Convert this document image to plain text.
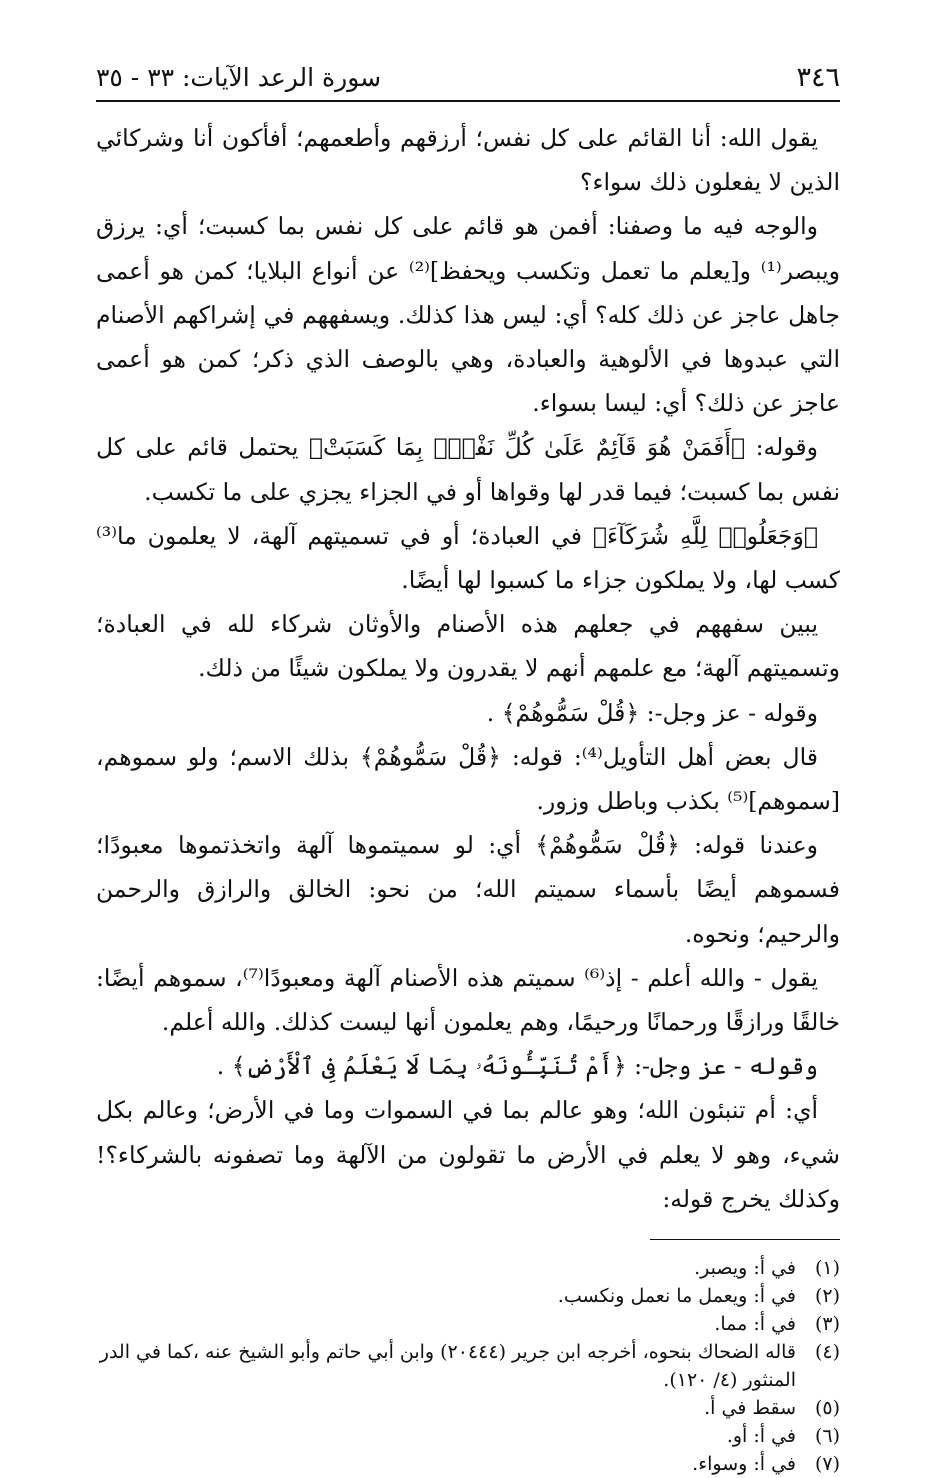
٣٤٦
سورة الرعد الآيات: ٣٣ - ٣٥

يقول الله: أنا القائم على كل نفس؛ أرزقهم وأطعمهم؛ أفأكون أنا وشركائي الذين لا يفعلون ذلك سواء؟

والوجه فيه ما وصفنا: أفمن هو قائم على كل نفس بما كسبت؛ أي: يرزق ويبصر⁽¹⁾ و[يعلم ما تعمل وتكسب ويحفظ]⁽²⁾ عن أنواع البلايا؛ كمن هو أعمى جاهل عاجز عن ذلك كله؟ أي: ليس هذا كذلك. ويسفههم في إشراكهم الأصنام التي عبدوها في الألوهية والعبادة، وهي بالوصف الذي ذكر؛ كمن هو أعمى عاجز عن ذلك؟ أي: ليسا بسواء.

وقوله: ﴿أَفَمَنْ هُوَ قَآئِمٌ عَلَىٰ كُلِّ نَفْسٍۢ بِمَا كَسَبَتْ﴾ يحتمل قائم على كل نفس بما كسبت؛ فيما قدر لها وقواها أو في الجزاء يجزي على ما تكسب.

﴿وَجَعَلُوا۟ لِلَّهِ شُرَكَآءَ﴾ في العبادة؛ أو في تسميتهم آلهة، لا يعلمون ما⁽³⁾ كسب لها، ولا يملكون جزاء ما كسبوا لها أيضًا.

يبين سفههم في جعلهم هذه الأصنام والأوثان شركاء لله في العبادة؛ وتسميتهم آلهة؛ مع علمهم أنهم لا يقدرون ولا يملكون شيئًا من ذلك.

وقوله - عز وجل-: ﴿قُلْ سَمُّوهُمْ﴾ .

قال بعض أهل التأويل⁽⁴⁾: قوله: ﴿قُلْ سَمُّوهُمْ﴾ بذلك الاسم؛ ولو سموهم، [سموهم]⁽⁵⁾ بكذب وباطل وزور.

وعندنا قوله: ﴿قُلْ سَمُّوهُمْ﴾ أي: لو سميتموها آلهة واتخذتموها معبودًا؛ فسموهم أيضًا بأسماء سميتم الله؛ من نحو: الخالق والرازق والرحمن والرحيم؛ ونحوه.

يقول - والله أعلم - إذ⁽⁶⁾ سميتم هذه الأصنام آلهة ومعبودًا⁽⁷⁾، سموهم أيضًا: خالقًا ورازقًا ورحمانًا ورحيمًا، وهم يعلمون أنها ليست كذلك. والله أعلم.

وقوله - عز وجل-: ﴿أَمْ تُنَبِّـُٔونَهُۥ بِمَا لَا يَعْلَمُ فِى ٱلْأَرْضِ﴾ .

أي: أم تنبئون الله؛ وهو عالم بما في السموات وما في الأرض؛ وعالم بكل شيء، وهو لا يعلم في الأرض ما تقولون من الآلهة وما تصفونه بالشركاء؟! وكذلك يخرج قوله:

(١)
في أ: ويصبر.
(٢)
في أ: ويعمل ما نعمل ونكسب.
(٣)
في أ: مما.
(٤)
قاله الضحاك بنحوه، أخرجه ابن جرير (٢٠٤٤٤) وابن أبي حاتم وأبو الشيخ عنه ،كما في الدر المنثور (٤/ ١٢٠).
(٥)
سقط في أ.
(٦)
في أ: أو.
(٧)
في أ: وسواء.
